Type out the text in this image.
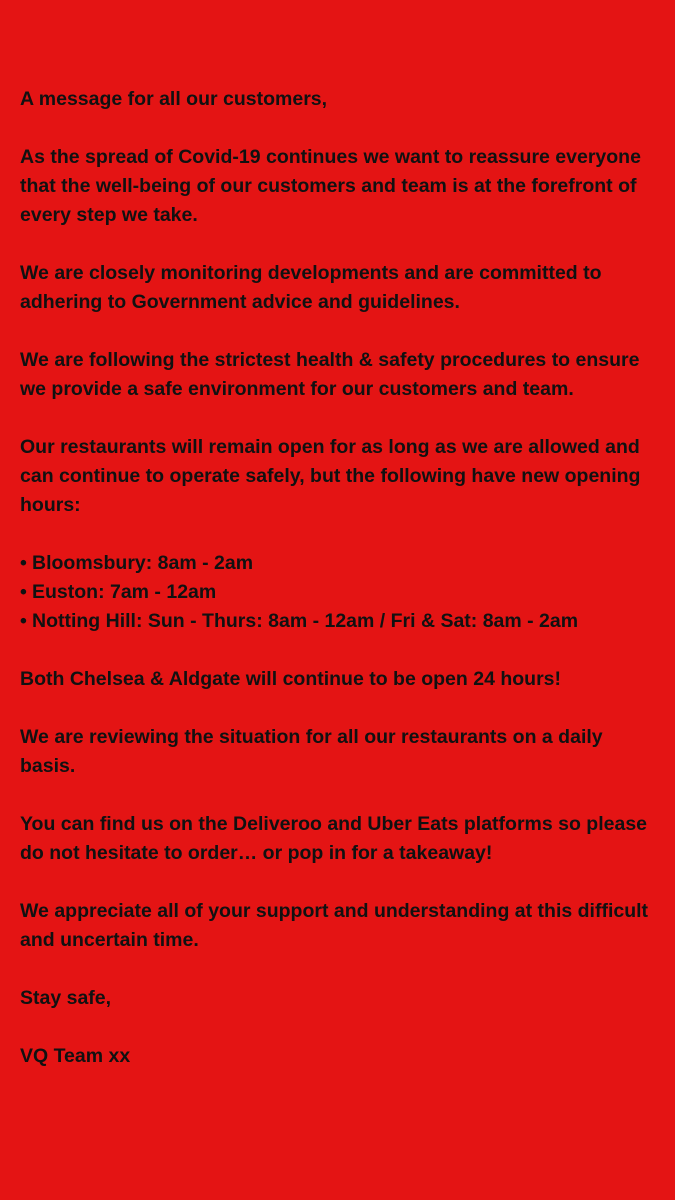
A message for all our customers,

As the spread of Covid-19 continues we want to reassure everyone that the well-being of our customers and team is at the forefront of every step we take.

We are closely monitoring developments and are committed to adhering to Government advice and guidelines.

We are following the strictest health & safety procedures to ensure we provide a safe environment for our customers and team.

Our restaurants will remain open for as long as we are allowed and can continue to operate safely, but the following have new opening hours:

• Bloomsbury: 8am - 2am
• Euston: 7am - 12am
• Notting Hill: Sun - Thurs: 8am - 12am / Fri & Sat: 8am - 2am

Both Chelsea & Aldgate will continue to be open 24 hours!

We are reviewing the situation for all our restaurants on a daily basis.

You can find us on the Deliveroo and Uber Eats platforms so please do not hesitate to order… or pop in for a takeaway!

We appreciate all of your support and understanding at this difficult and uncertain time.

Stay safe,

VQ Team xx
